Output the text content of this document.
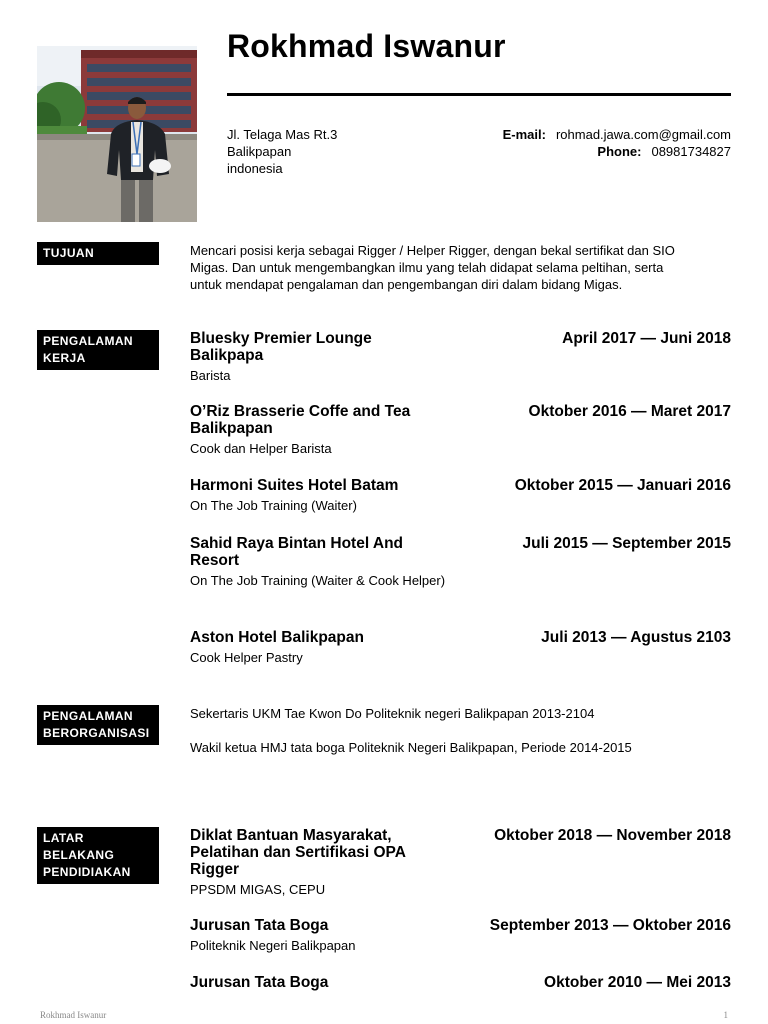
Rokhmad Iswanur
Jl. Telaga Mas Rt.3
Balikpapan
indonesia
E-mail: rohmad.jawa.com@gmail.com
Phone: 08981734827
TUJUAN	Mencari posisi kerja sebagai Rigger / Helper Rigger, dengan bekal sertifikat dan SIO
Migas. Dan untuk mengembangkan ilmu yang telah didapat selama peltihan, serta
untuk mendapat pengalaman dan pengembangan diri dalam bidang Migas.
PENGALAMAN
KERJA
Bluesky Premier Lounge
Balikpapa
April 2017 — Juni 2018
Barista
O’Riz Brasserie Coffe and Tea
Balikpapan
Oktober 2016 — Maret 2017
Cook dan Helper Barista
Harmoni Suites Hotel Batam	Oktober 2015 — Januari 2016
On The Job Training (Waiter)
Sahid Raya Bintan Hotel And
Resort
Juli 2015 — September 2015
On The Job Training (Waiter & Cook Helper)
Aston Hotel Balikpapan	Juli 2013 — Agustus 2103
Cook Helper Pastry
PENGALAMAN
BERORGANISASI
Sekertaris UKM Tae Kwon Do Politeknik negeri Balikpapan 2013-2104
Wakil ketua HMJ tata boga Politeknik Negeri Balikpapan, Periode 2014-2015
LATAR
BELAKANG
PENDIDIAKAN
Diklat Bantuan Masyarakat,
Pelatihan dan Sertifikasi OPA
Rigger
Oktober 2018 — November 2018
PPSDM MIGAS, CEPU
Jurusan Tata Boga	September 2013 — Oktober 2016
Politeknik Negeri Balikpapan
Jurusan Tata Boga	Oktober 2010 — Mei 2013
Rokhmad Iswanur	1
